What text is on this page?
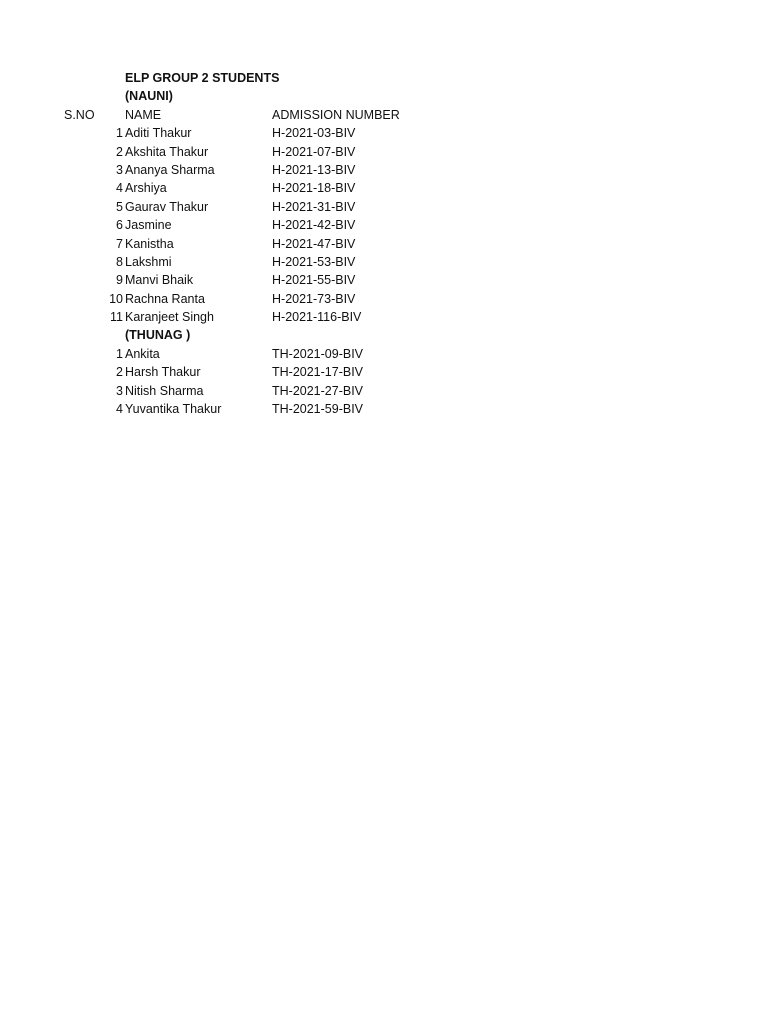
ELP GROUP 2 STUDENTS
(NAUNI)
S.NO NAME	ADMISSION NUMBER
1 Aditi Thakur	H-2021-03-BIV
2 Akshita Thakur	H-2021-07-BIV
3 Ananya Sharma	H-2021-13-BIV
4 Arshiya	H-2021-18-BIV
5 Gaurav Thakur	H-2021-31-BIV
6 Jasmine	H-2021-42-BIV
7 Kanistha	H-2021-47-BIV
8 Lakshmi	H-2021-53-BIV
9 Manvi Bhaik	H-2021-55-BIV
10 Rachna Ranta	H-2021-73-BIV
11 Karanjeet Singh	H-2021-116-BIV
(THUNAG )
1 Ankita	TH-2021-09-BIV
2 Harsh Thakur	TH-2021-17-BIV
3 Nitish Sharma	TH-2021-27-BIV
4 Yuvantika Thakur	TH-2021-59-BIV
